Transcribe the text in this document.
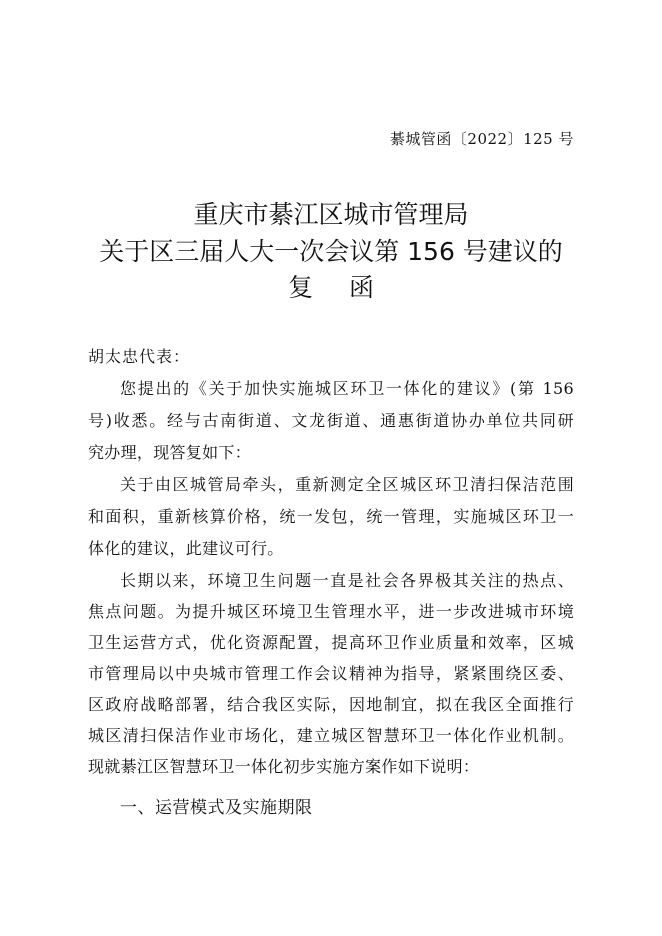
綦城管函〔2022〕125 号
重庆市綦江区城市管理局
关于区三届人大一次会议第 156 号建议的
复 函
胡太忠代表：
您提出的《关于加快实施城区环卫一体化的建议》(第 156
号)收悉。经与古南街道、文龙街道、通惠街道协办单位共同研
究办理，现答复如下：
关于由区城管局牵头，重新测定全区城区环卫清扫保洁范围
和面积，重新核算价格，统一发包，统一管理，实施城区环卫一
体化的建议，此建议可行。
长期以来，环境卫生问题一直是社会各界极其关注的热点、
焦点问题。为提升城区环境卫生管理水平，进一步改进城市环境
卫生运营方式，优化资源配置，提高环卫作业质量和效率，区城
市管理局以中央城市管理工作会议精神为指导，紧紧围绕区委、
区政府战略部署，结合我区实际，因地制宜，拟在我区全面推行
城区清扫保洁作业市场化，建立城区智慧环卫一体化作业机制。
一、运营模式及实施期限
现就綦江区智慧环卫一体化初步实施方案作如下说明：
